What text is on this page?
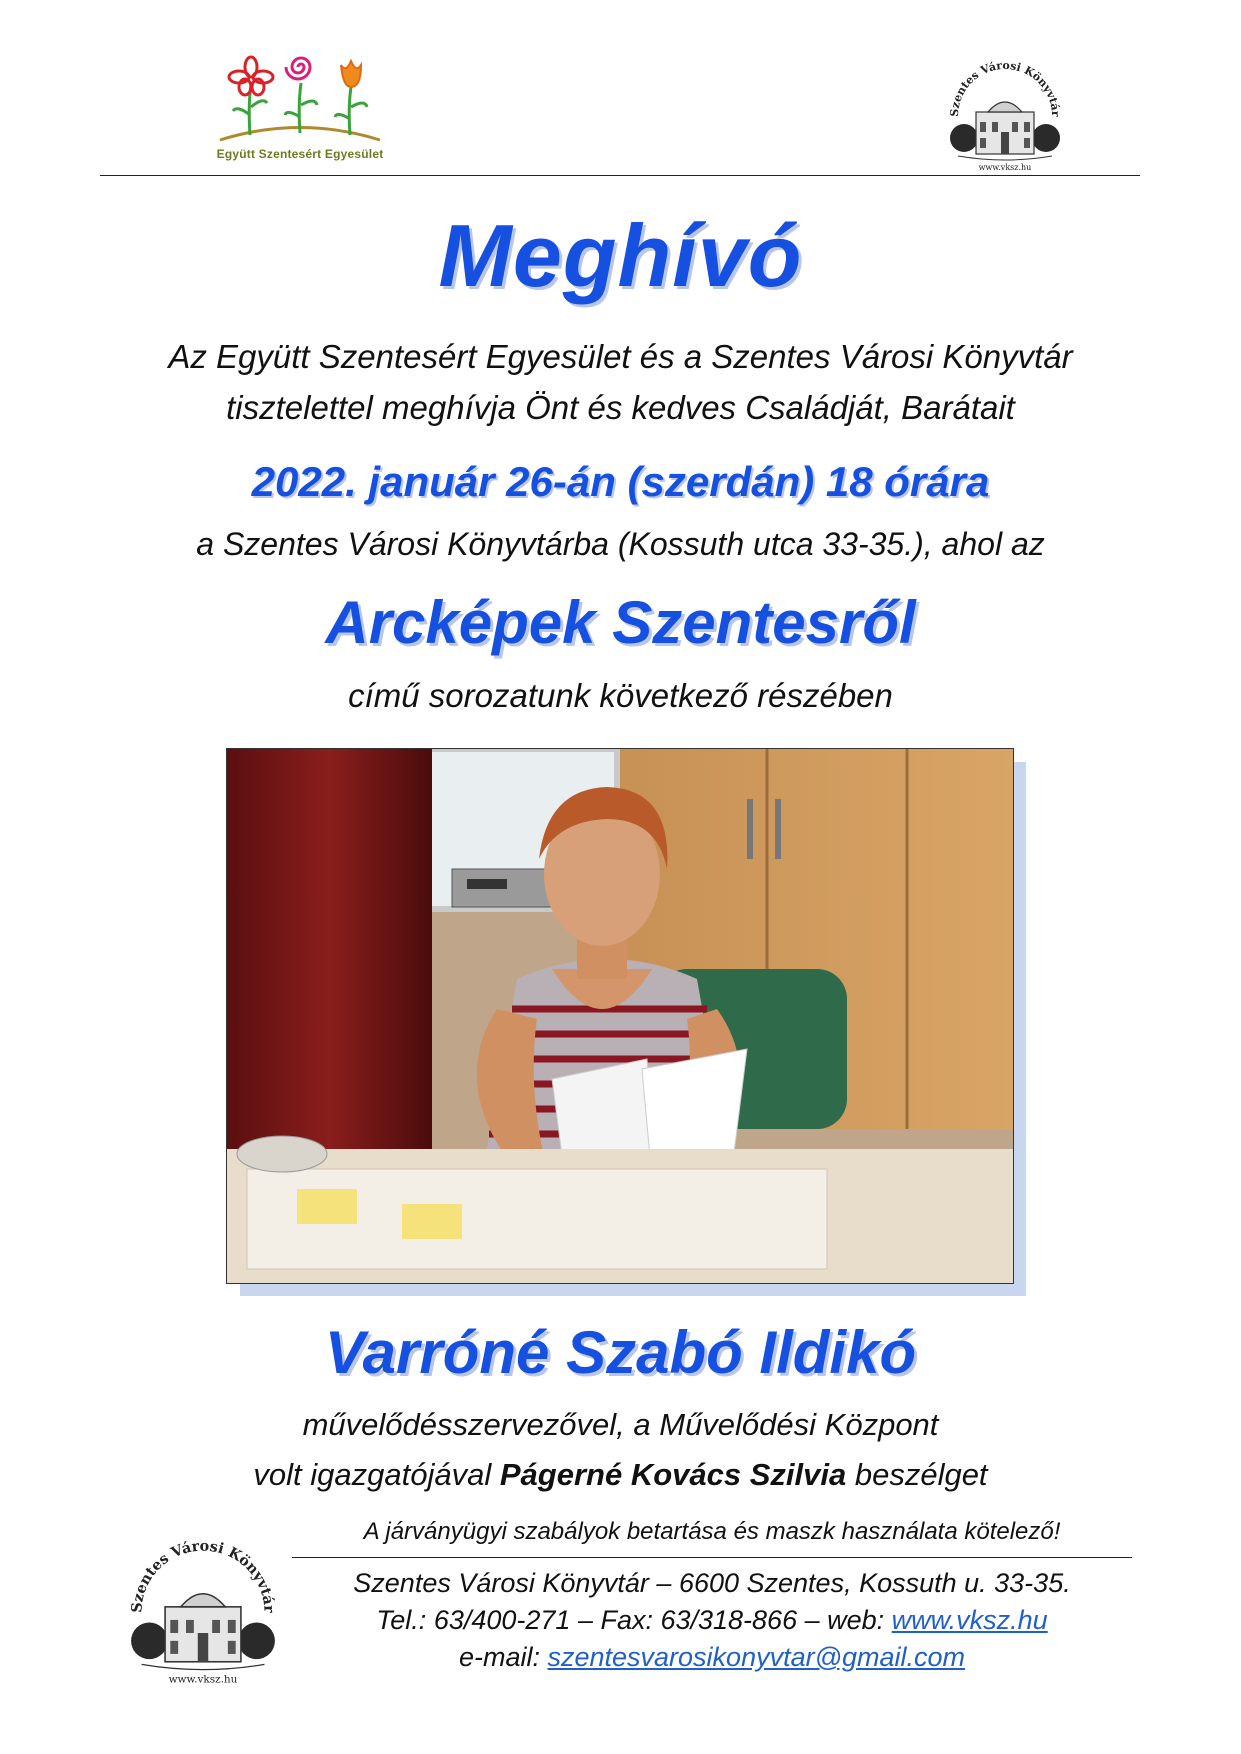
Együtt Szentesért Egyesület
Szentes Városi Könyvtár
www.vksz.hu
Meghívó
Az Együtt Szentesért Egyesület és a Szentes Városi Könyvtár
tisztelettel meghívja Önt és kedves Családját, Barátait
2022. január 26-án (szerdán) 18 órára
a Szentes Városi Könyvtárba (Kossuth utca 33-35.), ahol az
Arcképek Szentesről
című sorozatunk következő részében
Varróné Szabó Ildikó
művelődésszervezővel, a Művelődési Központ
volt igazgatójával Págerné Kovács Szilvia beszélget
Szentes Városi Könyvtár
www.vksz.hu
A járványügyi szabályok betartása és maszk használata kötelező!
Szentes Városi Könyvtár – 6600 Szentes, Kossuth u. 33-35.
Tel.: 63/400-271 – Fax: 63/318-866 – web: www.vksz.hu
e-mail: szentesvarosikonyvtar@gmail.com
